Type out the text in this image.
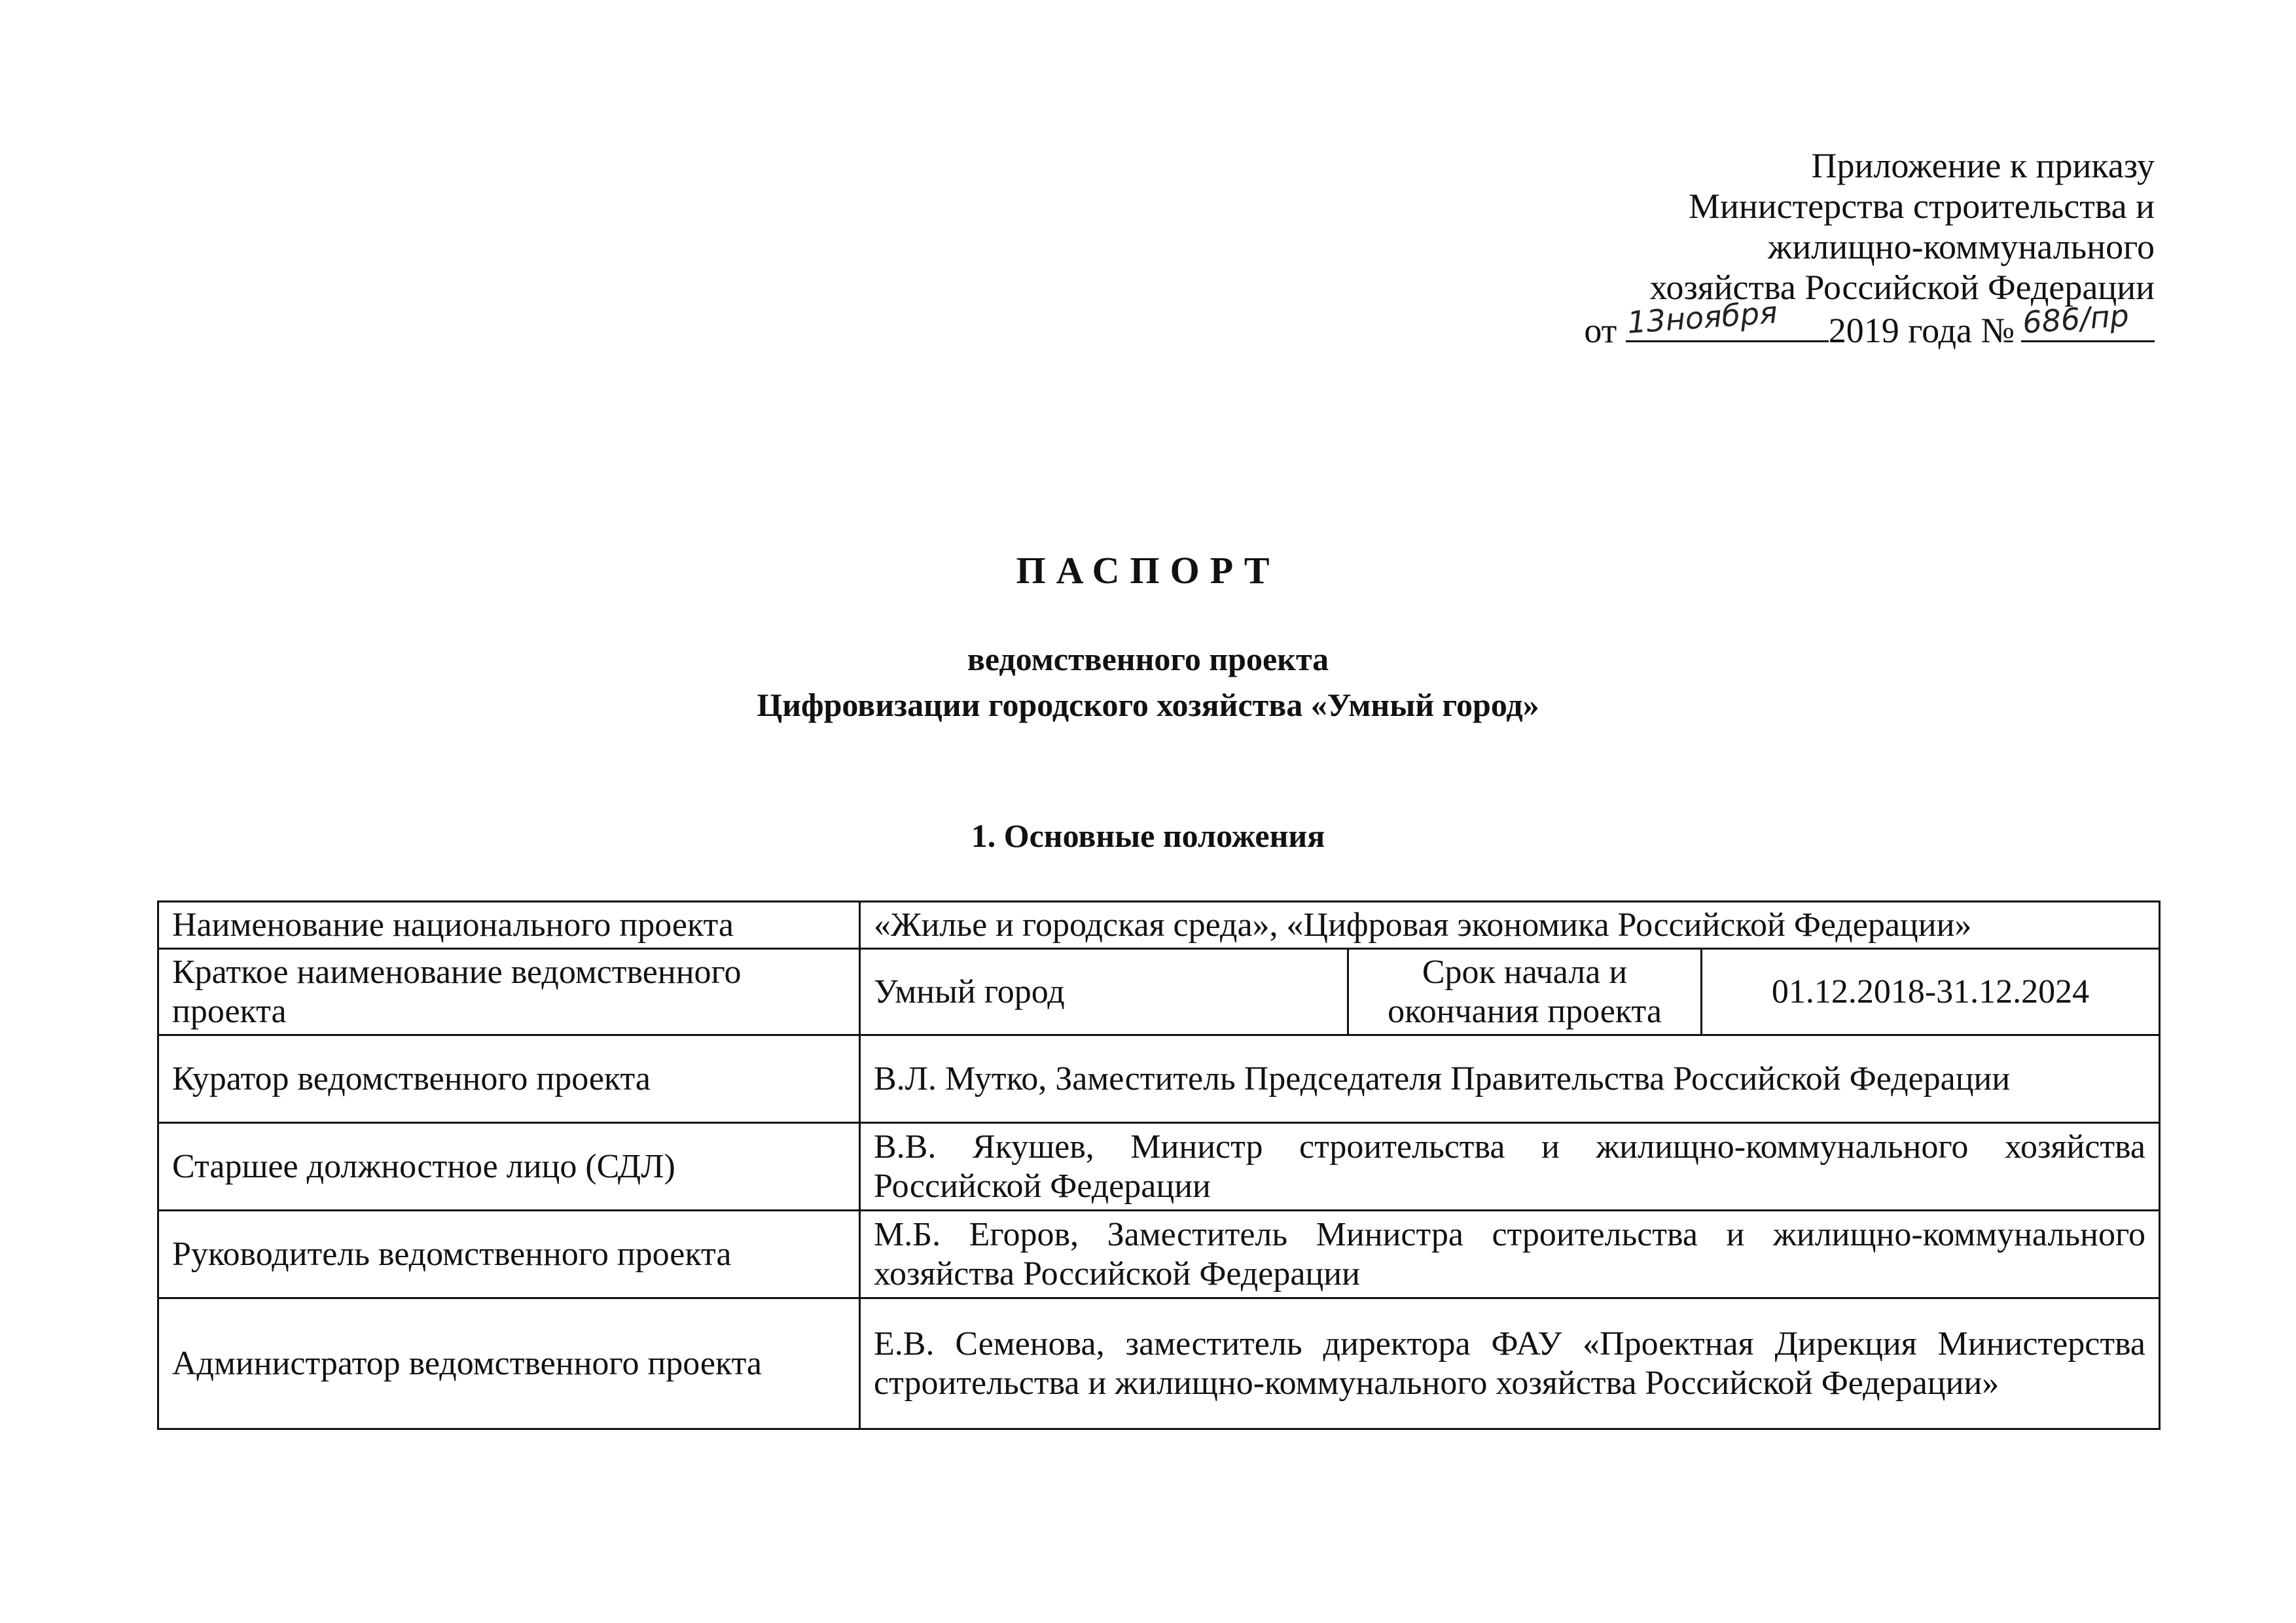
Приложение к приказу
Министерства строительства и
жилищно-коммунального
хозяйства Российской Федерации
от 13ноября 2019 года № 686/пр
ПАСПОРТ
ведомственного проекта
Цифровизации городского хозяйства «Умный город»
1. Основные положения
Наименование национального проекта	«Жилье и городская среда», «Цифровая экономика Российской Федерации»		
Краткое наименование ведомственного проекта	Умный город	Срок начала и окончания проекта	01.12.2018-31.12.2024
Куратор ведомственного проекта	В.Л. Мутко, Заместитель Председателя Правительства Российской Федерации		
Старшее должностное лицо (СДЛ)	В.В. Якушев, Министр строительства и жилищно-коммунального хозяйства Российской Федерации		
Руководитель ведомственного проекта	М.Б. Егоров, Заместитель Министра строительства и жилищно-коммунального хозяйства Российской Федерации		
Администратор ведомственного проекта	Е.В. Семенова, заместитель директора ФАУ «Проектная Дирекция Министерства строительства и жилищно-коммунального хозяйства Российской Федерации»		
